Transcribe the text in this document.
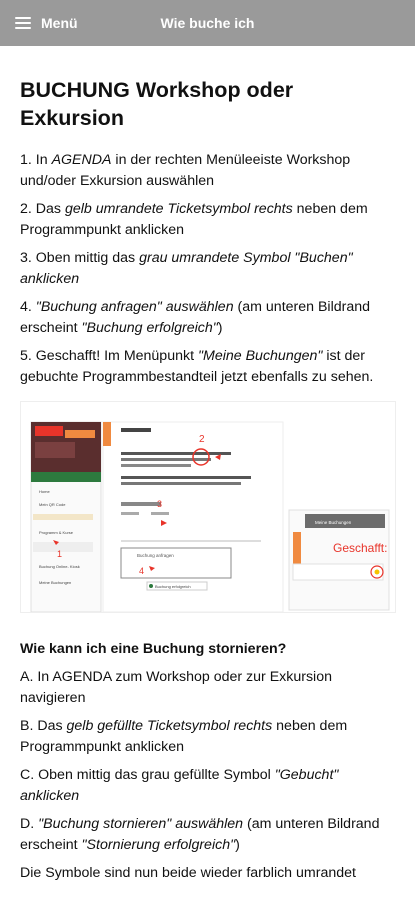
Menü	Wie buche ich
BUCHUNG Workshop oder Exkursion

1. In AGENDA in der rechten Menüleeiste Workshop und/oder Exkursion auswählen

2. Das gelb umrandete Ticketsymbol rechts neben dem Programmpunkt anklicken

3. Oben mittig das grau umrandete Symbol "Buchen" anklicken

4. "Buchung anfragen" auswählen (am unteren Bildrand erscheint "Buchung erfolgreich")

5. Geschafft! Im Menüpunkt "Meine Buchungen" ist der gebuchte Programmbestandteil jetzt ebenfalls zu sehen.

Home
Mein QR Code
Programm & Kurse
Buchung Online- Kiosk
Meine Buchungen
1
2
3
Buchung anfragen
4
Buchung erfolgreich
Meine Buchungen
Geschafft:
Wie kann ich eine Buchung stornieren?

A. In AGENDA zum Workshop oder zur Exkursion navigieren

B. Das gelb gefüllte Ticketsymbol rechts neben dem Programmpunkt anklicken

C. Oben mittig das grau gefüllte Symbol "Gebucht" anklicken

D. "Buchung stornieren" auswählen (am unteren Bildrand erscheint "Stornierung erfolgreich")

Die Symbole sind nun beide wieder farblich umrandet
